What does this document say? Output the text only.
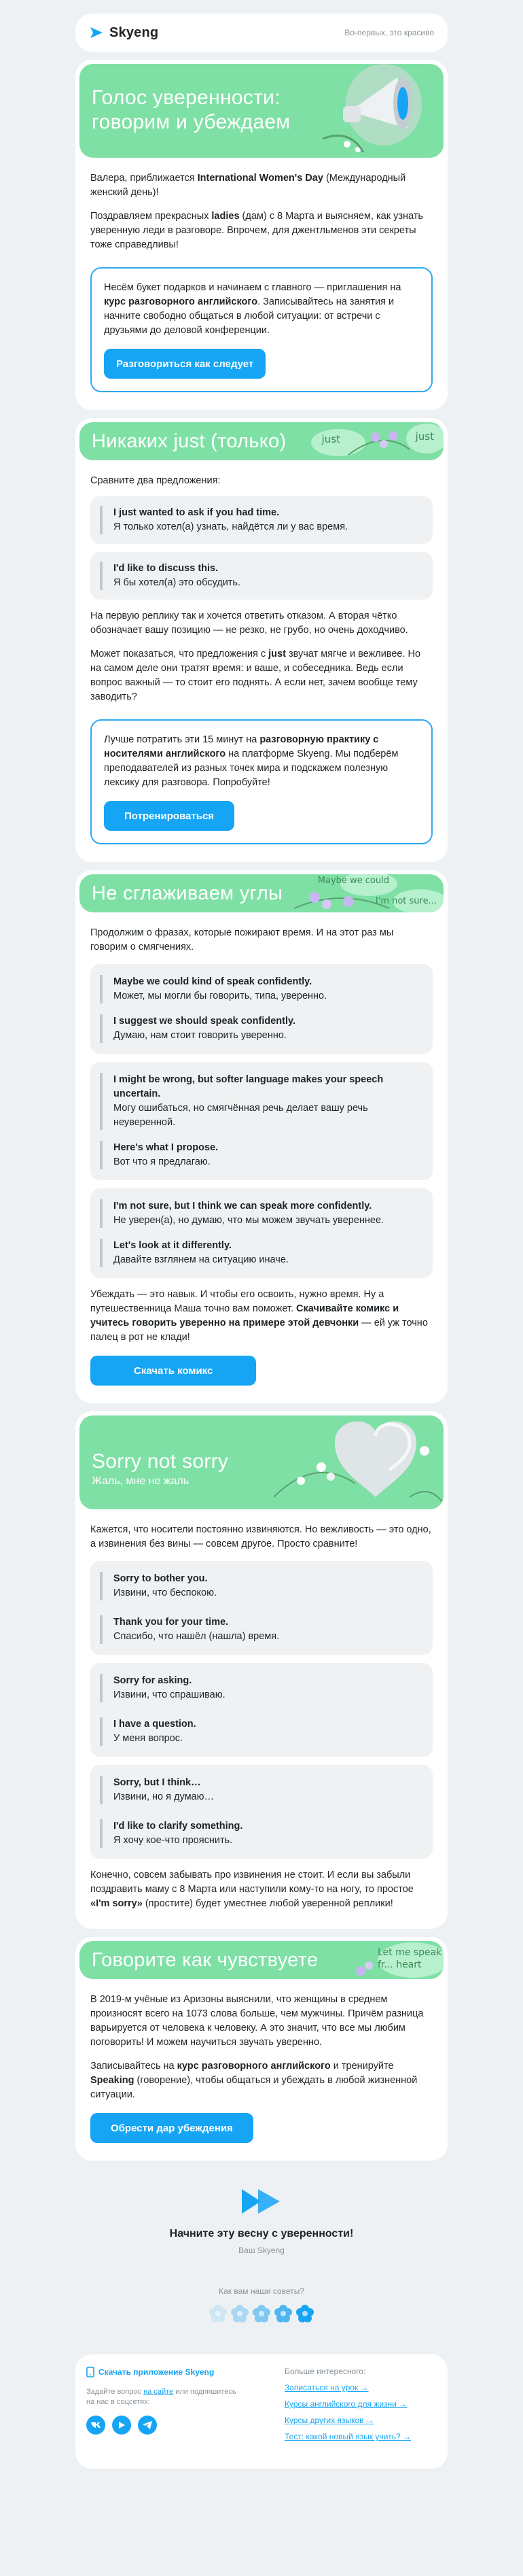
Skyeng	Во-первых, это красиво
Голос уверенности: говорим и убеждаем

Валера, приближается International Women's Day (Международный женский день)!

Поздравляем прекрасных ladies (дам) с 8 Марта и выясняем, как узнать уверенную леди в разговоре. Впрочем, для джентльменов эти секреты тоже справедливы!

Несём букет подарков и начинаем с главного — приглашения на курс разговорного английского. Записывайтесь на занятия и начните свободно общаться в любой ситуации: от встречи с друзьями до деловой конференции.

Разговориться как следует
Никаких just (только)	just	just

Сравните два предложения:

I just wanted to ask if you had time.
Я только хотел(а) узнать, найдётся ли у вас время.
I'd like to discuss this.
Я бы хотел(а) это обсудить.

На первую реплику так и хочется ответить отказом. А вторая чётко обозначает вашу позицию — не резко, не грубо, но очень доходчиво.

Может показаться, что предложения с just звучат мягче и вежливее. Но на самом деле они тратят время: и ваше, и собеседника. Ведь если вопрос важный — то стоит его поднять. А если нет, зачем вообще тему заводить?

Лучше потратить эти 15 минут на разговорную практику с носителями английского на платформе Skyeng. Мы подберём преподавателей из разных точек мира и подскажем полезную лексику для разговора. Попробуйте!

Потренироваться
Не сглаживаем углы
Maybe we could
I'm not sure...

Продолжим о фразах, которые пожирают время. И на этот раз мы говорим о смягчениях.

Maybe we could kind of speak confidently.
Может, мы могли бы говорить, типа, уверенно.
I suggest we should speak confidently.
Думаю, нам стоит говорить уверенно.
I might be wrong, but softer language makes your speech uncertain.
Могу ошибаться, но смягчённая речь делает вашу речь неуверенной.
Here's what I propose.
Вот что я предлагаю.
I'm not sure, but I think we can speak more confidently.
Не уверен(а), но думаю, что мы можем звучать увереннее.
Let's look at it differently.
Давайте взглянем на ситуацию иначе.

Убеждать — это навык. И чтобы его освоить, нужно время. Ну а путешественница Маша точно вам поможет. Скачивайте комикс и учитесь говорить уверенно на примере этой девчонки — ей уж точно палец в рот не клади!

Скачать комикс
Sorry not sorry
Жаль, мне не жаль

Кажется, что носители постоянно извиняются. Но вежливость — это одно, а извинения без вины — совсем другое. Просто сравните!

Sorry to bother you.
Извини, что беспокою.
Thank you for your time.
Спасибо, что нашёл (нашла) время.
Sorry for asking.
Извини, что спрашиваю.
I have a question.
У меня вопрос.
Sorry, but I think…
Извини, но я думаю…
I'd like to clarify something.
Я хочу кое-что прояснить.

Конечно, совсем забывать про извинения не стоит. И если вы забыли поздравить маму с 8 Марта или наступили кому-то на ногу, то простое «I'm sorry» (простите) будет уместнее любой уверенной реплики!

Говорите как чувствуете	Let me speak fr... heart

В 2019-м учёные из Аризоны выяснили, что женщины в среднем произносят всего на 1073 слова больше, чем мужчины. Причём разница варьируется от человека к человеку. А это значит, что все мы любим поговорить! И можем научиться звучать уверенно.

Записывайтесь на курс разговорного английского и тренируйте Speaking (говорение), чтобы общаться и убеждать в любой жизненной ситуации.

Обрести дар убеждения
Начните эту весну с уверенности!
Ваш Skyeng
Как вам наши советы?
Скачать приложение Skyeng

Задайте вопрос на сайте или подпишитесь на нас в соцсетях:

Больше интересного:
Записаться на урок →
Курсы английского для жизни →
Курсы других языков →
Тест: какой новый язык учить? →
